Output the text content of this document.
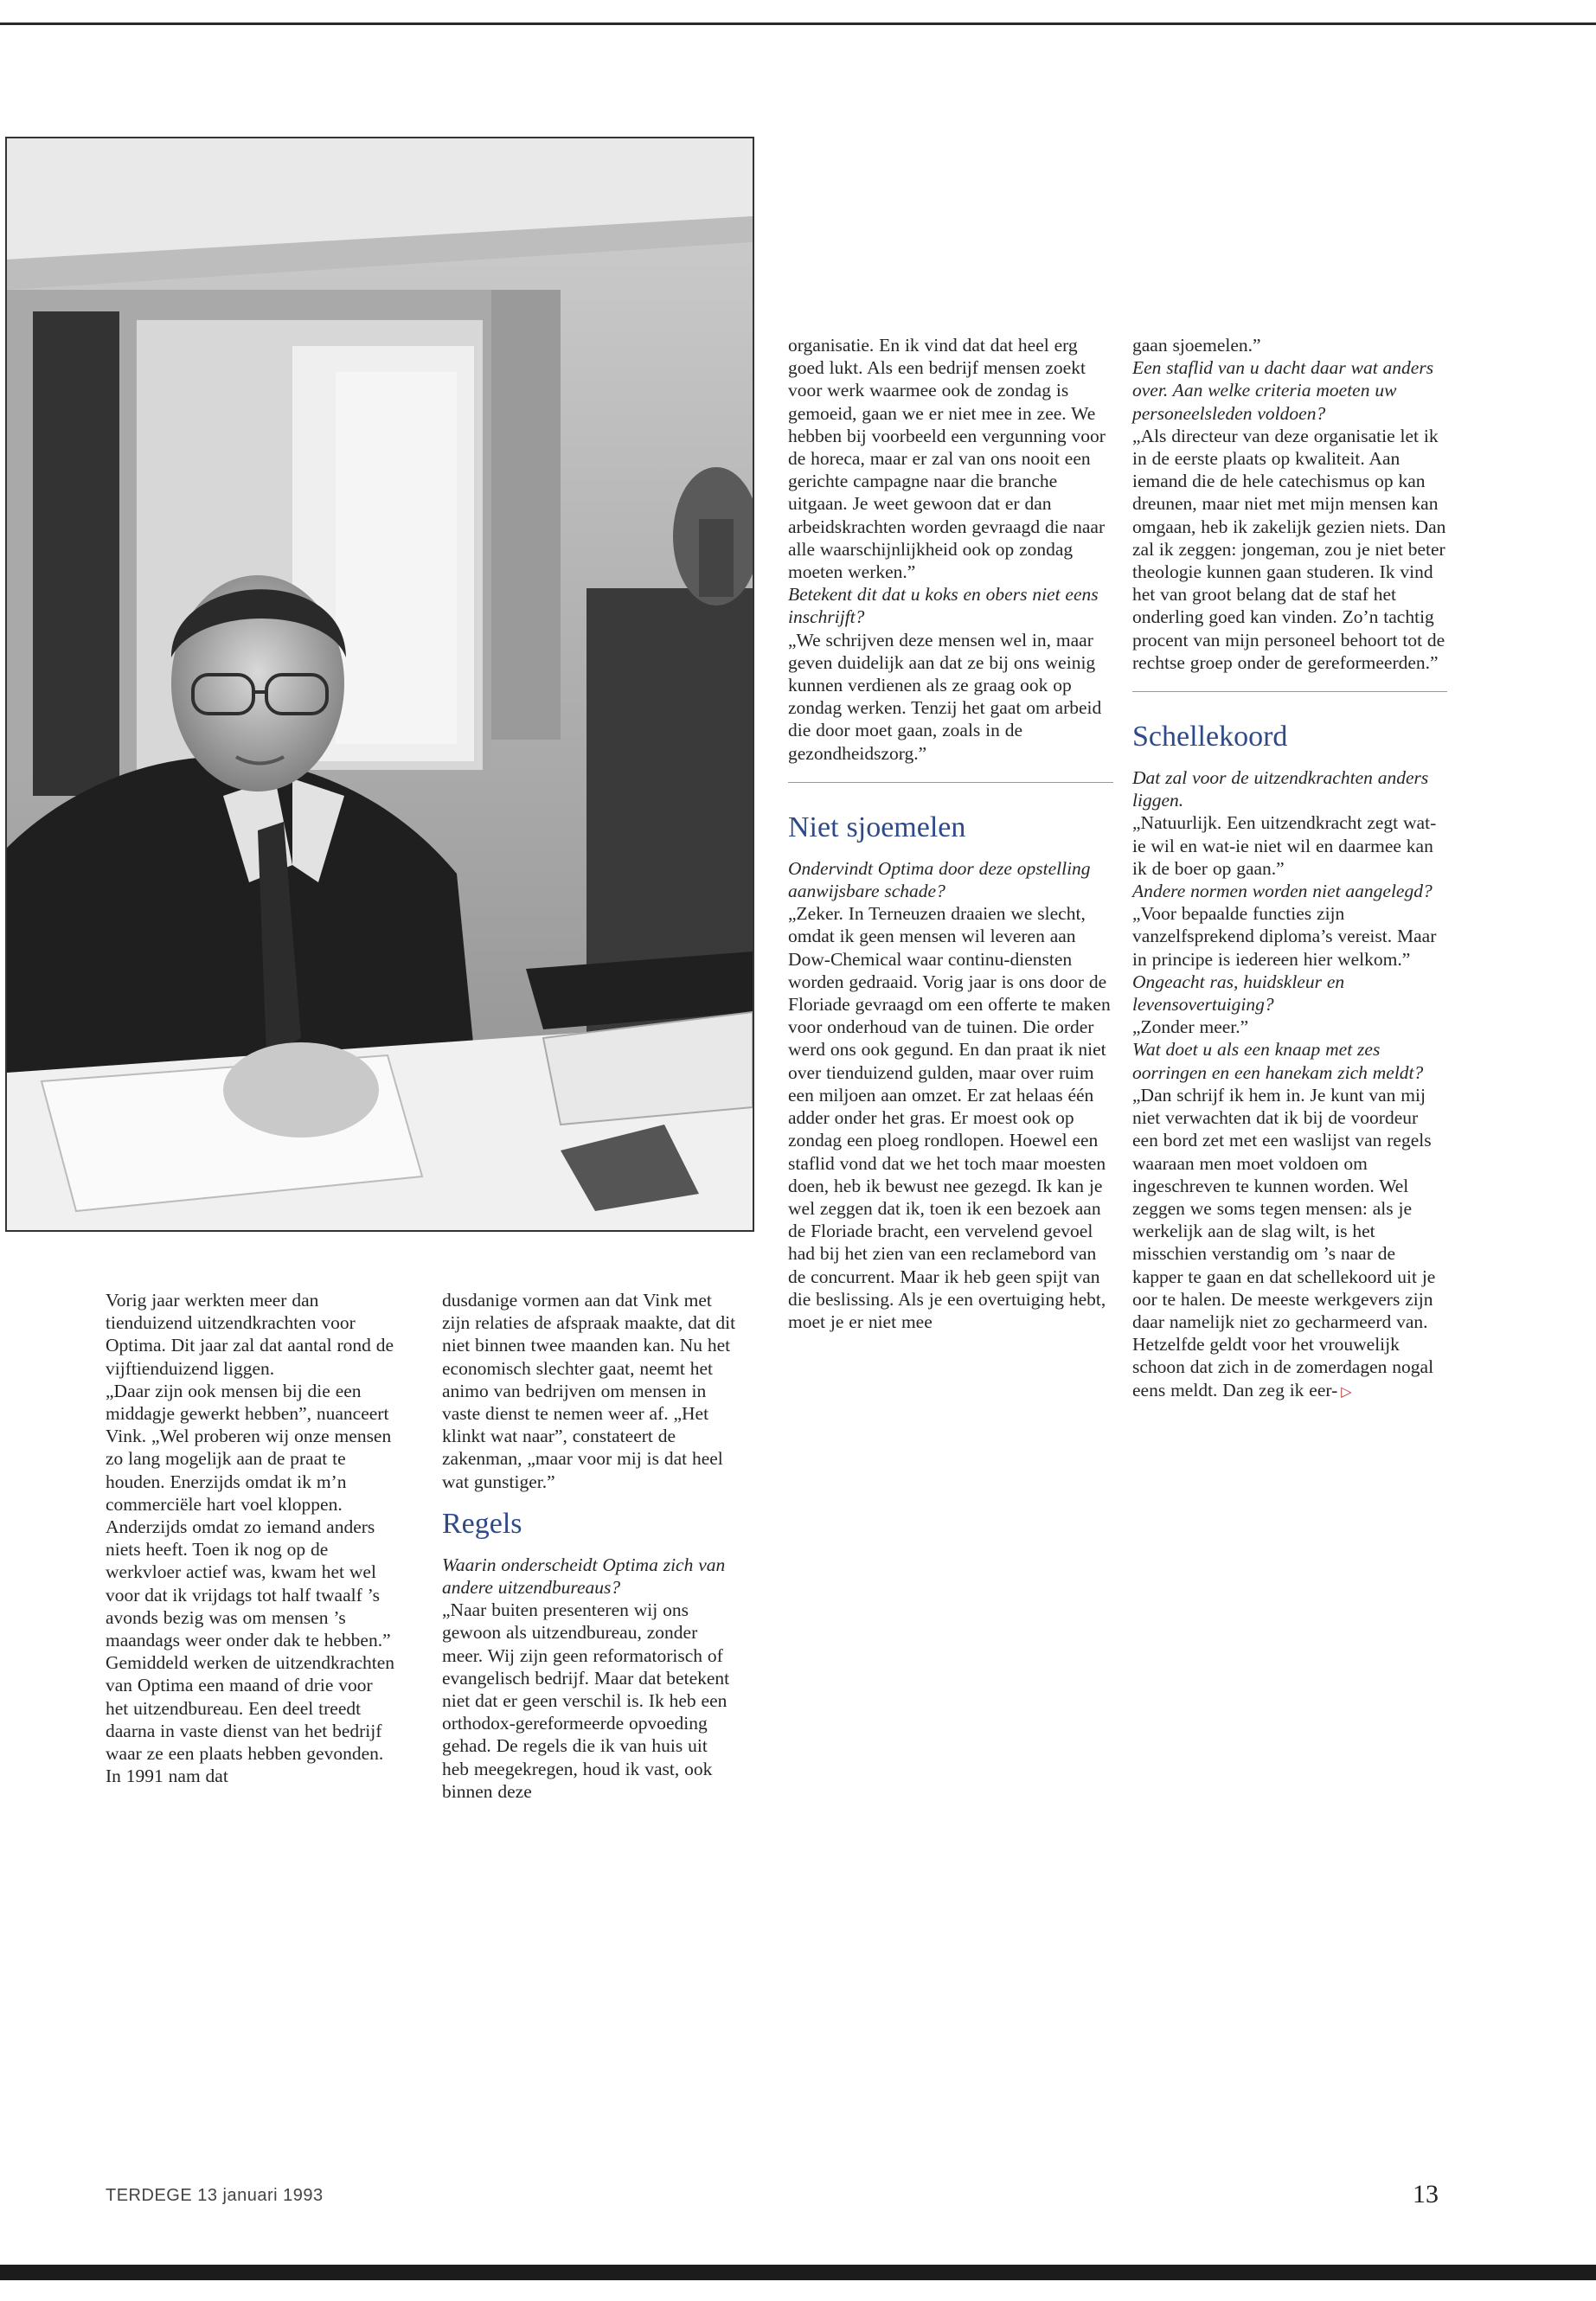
Vorig jaar werkten meer dan tienduizend uitzendkrachten voor Optima. Dit jaar zal dat aantal rond de vijftienduizend liggen.

„Daar zijn ook mensen bij die een middagje gewerkt hebben”, nuanceert Vink. „Wel proberen wij onze mensen zo lang mogelijk aan de praat te houden. Enerzijds omdat ik m’n commerciële hart voel kloppen. Anderzijds omdat zo iemand anders niets heeft. Toen ik nog op de werkvloer actief was, kwam het wel voor dat ik vrijdags tot half twaalf ’s avonds bezig was om mensen ’s maandags weer onder dak te hebben.”

Gemiddeld werken de uitzendkrachten van Optima een maand of drie voor het uitzendbureau. Een deel treedt daarna in vaste dienst van het bedrijf waar ze een plaats hebben gevonden. In 1991 nam dat

dusdanige vormen aan dat Vink met zijn relaties de afspraak maakte, dat dit niet binnen twee maanden kan. Nu het economisch slechter gaat, neemt het animo van bedrijven om mensen in vaste dienst te nemen weer af. „Het klinkt wat naar”, constateert de zakenman, „maar voor mij is dat heel wat gunstiger.”

Regels

Waarin onderscheidt Optima zich van andere uitzendbureaus?

„Naar buiten presenteren wij ons gewoon als uitzendbureau, zonder meer. Wij zijn geen reformatorisch of evangelisch bedrijf. Maar dat betekent niet dat er geen verschil is. Ik heb een orthodox-gereformeerde opvoeding gehad. De regels die ik van huis uit heb meegekregen, houd ik vast, ook binnen deze

organisatie. En ik vind dat dat heel erg goed lukt. Als een bedrijf mensen zoekt voor werk waarmee ook de zondag is gemoeid, gaan we er niet mee in zee. We hebben bij voorbeeld een vergunning voor de horeca, maar er zal van ons nooit een gerichte campagne naar die branche uitgaan. Je weet gewoon dat er dan arbeidskrachten worden gevraagd die naar alle waarschijnlijkheid ook op zondag moeten werken.”

Betekent dit dat u koks en obers niet eens inschrijft?

„We schrijven deze mensen wel in, maar geven duidelijk aan dat ze bij ons weinig kunnen verdienen als ze graag ook op zondag werken. Tenzij het gaat om arbeid die door moet gaan, zoals in de gezondheidszorg.”

Niet sjoemelen

Ondervindt Optima door deze opstelling aanwijsbare schade?

„Zeker. In Terneuzen draaien we slecht, omdat ik geen mensen wil leveren aan Dow-Chemical waar continu-diensten worden gedraaid. Vorig jaar is ons door de Floriade gevraagd om een offerte te maken voor onderhoud van de tuinen. Die order werd ons ook gegund. En dan praat ik niet over tienduizend gulden, maar over ruim een miljoen aan omzet. Er zat helaas één adder onder het gras. Er moest ook op zondag een ploeg rondlopen. Hoewel een staflid vond dat we het toch maar moesten doen, heb ik bewust nee gezegd. Ik kan je wel zeggen dat ik, toen ik een bezoek aan de Floriade bracht, een vervelend gevoel had bij het zien van een reclamebord van de concurrent. Maar ik heb geen spijt van die beslissing. Als je een overtuiging hebt, moet je er niet mee

gaan sjoemelen.”

Een staflid van u dacht daar wat anders over. Aan welke criteria moeten uw personeelsleden voldoen?

„Als directeur van deze organisatie let ik in de eerste plaats op kwaliteit. Aan iemand die de hele catechismus op kan dreunen, maar niet met mijn mensen kan omgaan, heb ik zakelijk gezien niets. Dan zal ik zeggen: jongeman, zou je niet beter theologie kunnen gaan studeren. Ik vind het van groot belang dat de staf het onderling goed kan vinden. Zo’n tachtig procent van mijn personeel behoort tot de rechtse groep onder de gereformeerden.”

Schellekoord

Dat zal voor de uitzendkrachten anders liggen.

„Natuurlijk. Een uitzendkracht zegt wat-ie wil en wat-ie niet wil en daarmee kan ik de boer op gaan.”

Andere normen worden niet aangelegd?

„Voor bepaalde functies zijn vanzelfsprekend diploma’s vereist. Maar in principe is iedereen hier welkom.”

Ongeacht ras, huidskleur en levensovertuiging?

„Zonder meer.”

Wat doet u als een knaap met zes oorringen en een hanekam zich meldt?

„Dan schrijf ik hem in. Je kunt van mij niet verwachten dat ik bij de voordeur een bord zet met een waslijst van regels waaraan men moet voldoen om ingeschreven te kunnen worden. Wel zeggen we soms tegen mensen: als je werkelijk aan de slag wilt, is het misschien verstandig om ’s naar de kapper te gaan en dat schellekoord uit je oor te halen. De meeste werkgevers zijn daar namelijk niet zo gecharmeerd van. Hetzelfde geldt voor het vrouwelijk schoon dat zich in de zomerdagen nogal eens meldt. Dan zeg ik eer- ▷
TERDEGE 13 januari 1993	13
